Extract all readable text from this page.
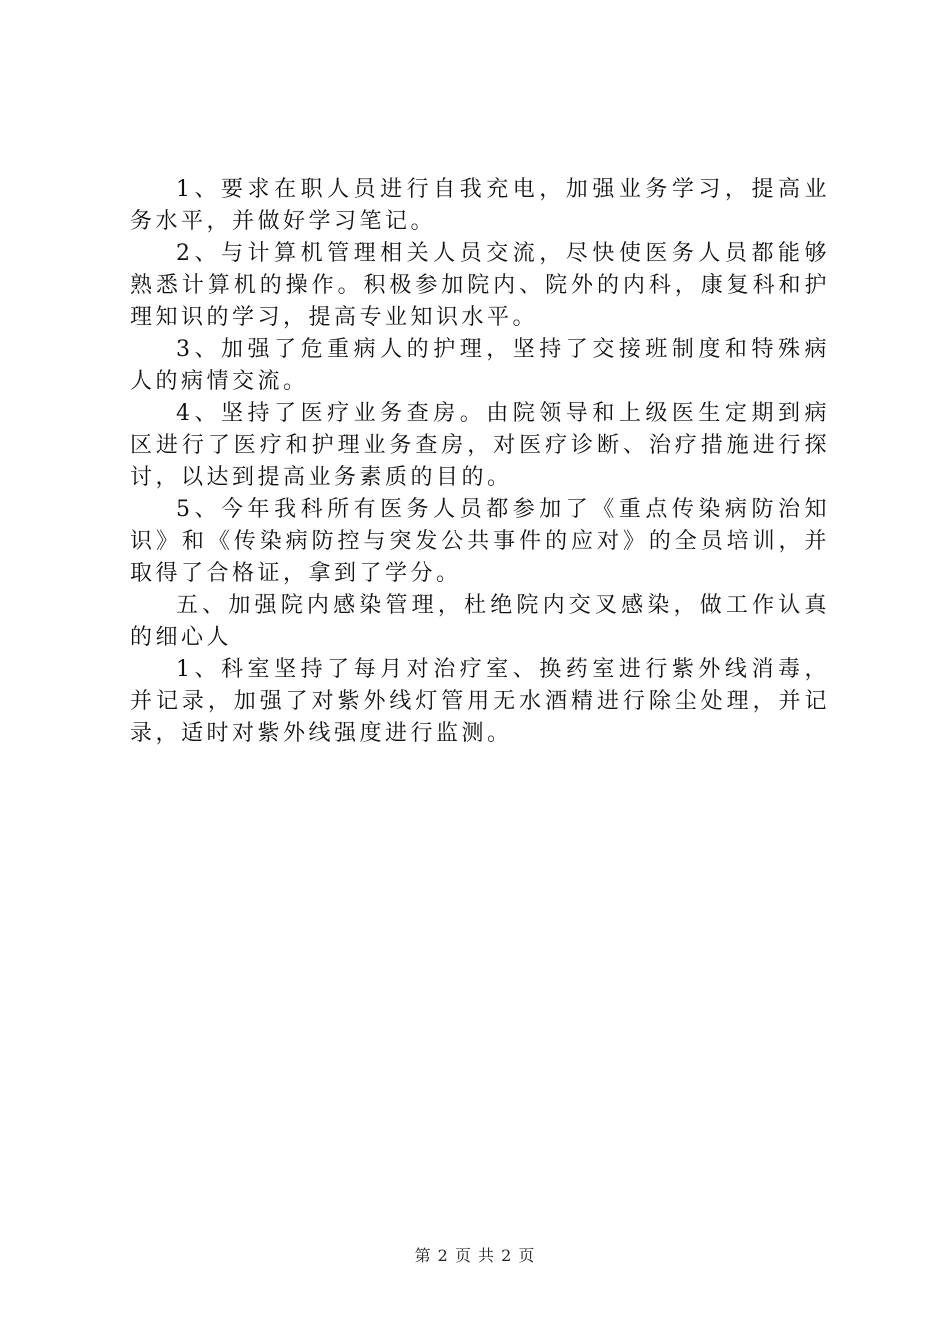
1、要求在职人员进行自我充电，加强业务学习，提高业务水平，并做好学习笔记。

2、与计算机管理相关人员交流，尽快使医务人员都能够熟悉计算机的操作。积极参加院内、院外的内科，康复科和护理知识的学习，提高专业知识水平。

3、加强了危重病人的护理，坚持了交接班制度和特殊病人的病情交流。

4、坚持了医疗业务查房。由院领导和上级医生定期到病区进行了医疗和护理业务查房，对医疗诊断、治疗措施进行探讨，以达到提高业务素质的目的。

5、今年我科所有医务人员都参加了《重点传染病防治知识》和《传染病防控与突发公共事件的应对》的全员培训，并取得了合格证，拿到了学分。

五、加强院内感染管理，杜绝院内交叉感染，做工作认真的细心人

1、科室坚持了每月对治疗室、换药室进行紫外线消毒，并记录，加强了对紫外线灯管用无水酒精进行除尘处理，并记录，适时对紫外线强度进行监测。

第 2 页 共 2 页
